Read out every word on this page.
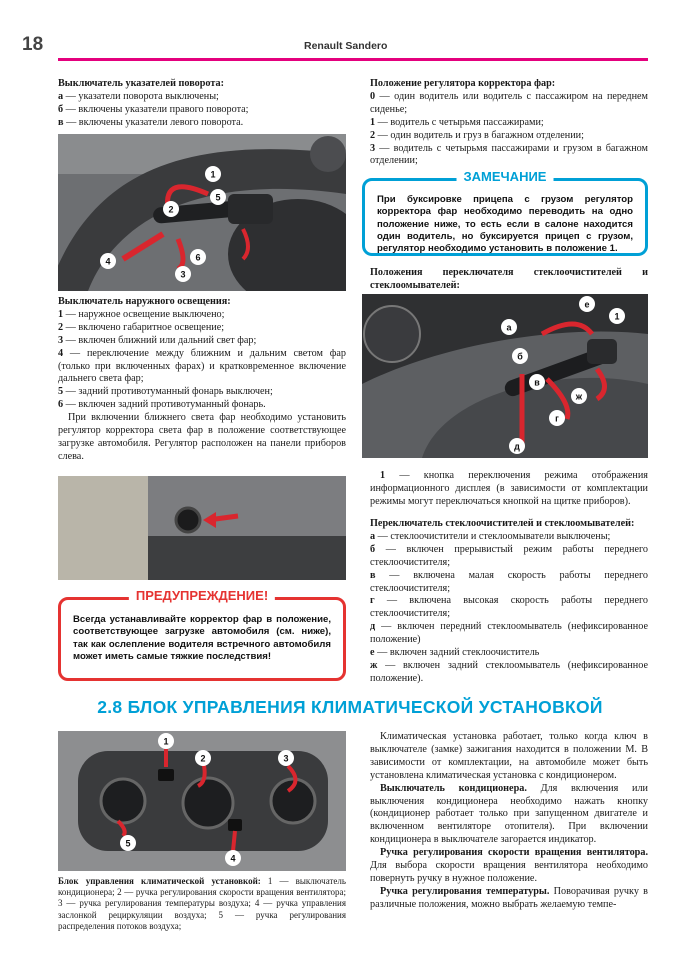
18	Renault Sandero
Выключатель указателей поворота:

а — указатели поворота выключены;

б — включены указатели правого поворота;

в — включены указатели левого поворота.

1
2
3
4
5
6
Выключатель наружного освещения:

1 — наружное освещение выключено;

2 — включено габаритное освещение;

3 — включен ближний или дальний свет фар;

4 — переключение между ближним и дальним светом фар (только при включенных фарах) и кратковременное включение дальнего света фар;

5 — задний противотуманный фонарь выключен;

6 — включен задний противотуманный фонарь.

При включении ближнего света фар необходимо установить регулятор корректора света фар в положение соответствующее загрузке автомобиля. Регулятор расположен на панели приборов слева.

ПРЕДУПРЕЖДЕНИЕ!
Всегда устанавливайте корректор фар в положение, соответствующее загрузке автомобиля (см. ниже), так как ослепление водителя встречного автомобиля может иметь самые тяжкие последствия!
Положение регулятора корректора фар:

0 — один водитель или водитель с пассажиром на переднем сиденье;

1 — водитель с четырьмя пассажирами;

2 — один водитель и груз в багажном отделении;

3 — водитель с четырьмя пассажирами и грузом в багажном отделении;

ЗАМЕЧАНИЕ
При буксировке прицепа с грузом регулятор корректора фар необходимо переводить на одно положение ниже, то есть если в салоне находится один водитель, но буксируется прицеп с грузом, регулятор необходимо установить в положение 1.
Положения переключателя стеклоочистителей и стеклоомывателей:
е
1
а
б
в
г
д
ж

1 — кнопка переключения режима отображения информационного дисплея (в зависимости от комплектации режимы могут переключаться кнопкой на щитке приборов).

Переключатель стеклоочистителей и стеклоомывателей:

а — стеклоочистители и стеклоомыватели выключены;

б — включен прерывистый режим работы переднего стеклоочистителя;

в — включена малая скорость работы переднего стеклоочистителя;

г — включена высокая скорость работы переднего стеклоочистителя;

д — включен передний стеклоомыватель (нефиксированное положение)

е — включен задний стеклоочиститель

ж — включен задний стеклоомыватель (нефиксированное положение).

2.8 БЛОК УПРАВЛЕНИЯ КЛИМАТИЧЕСКОЙ УСТАНОВКОЙ
1
2	3
4
5
Блок управления климатической установкой: 1 — выключатель кондиционера; 2 — ручка регулирования скорости вращения вентилятора; 3 — ручка регулирования температуры воздуха; 4 — ручка управления заслонкой рециркуляции воздуха; 5 — ручка регулирования распределения потоков воздуха;

Климатическая установка работает, только когда ключ в выключателе (замке) зажигания находится в положении М. В зависимости от комплектации, на автомобиле может быть установлена климатическая установка с кондиционером.

Выключатель кондиционера. Для включения или выключения кондиционера необходимо нажать кнопку (кондиционер работает только при запущенном двигателе и включенном вентиляторе отопителя). При включении кондиционера в выключателе загорается индикатор.

Ручка регулирования скорости вращения вентилятора. Для выбора скорости вращения вентилятора необходимо повернуть ручку в нужное положение.

Ручка регулирования температуры. Поворачивая ручку в различные положения, можно выбрать желаемую темпе-
